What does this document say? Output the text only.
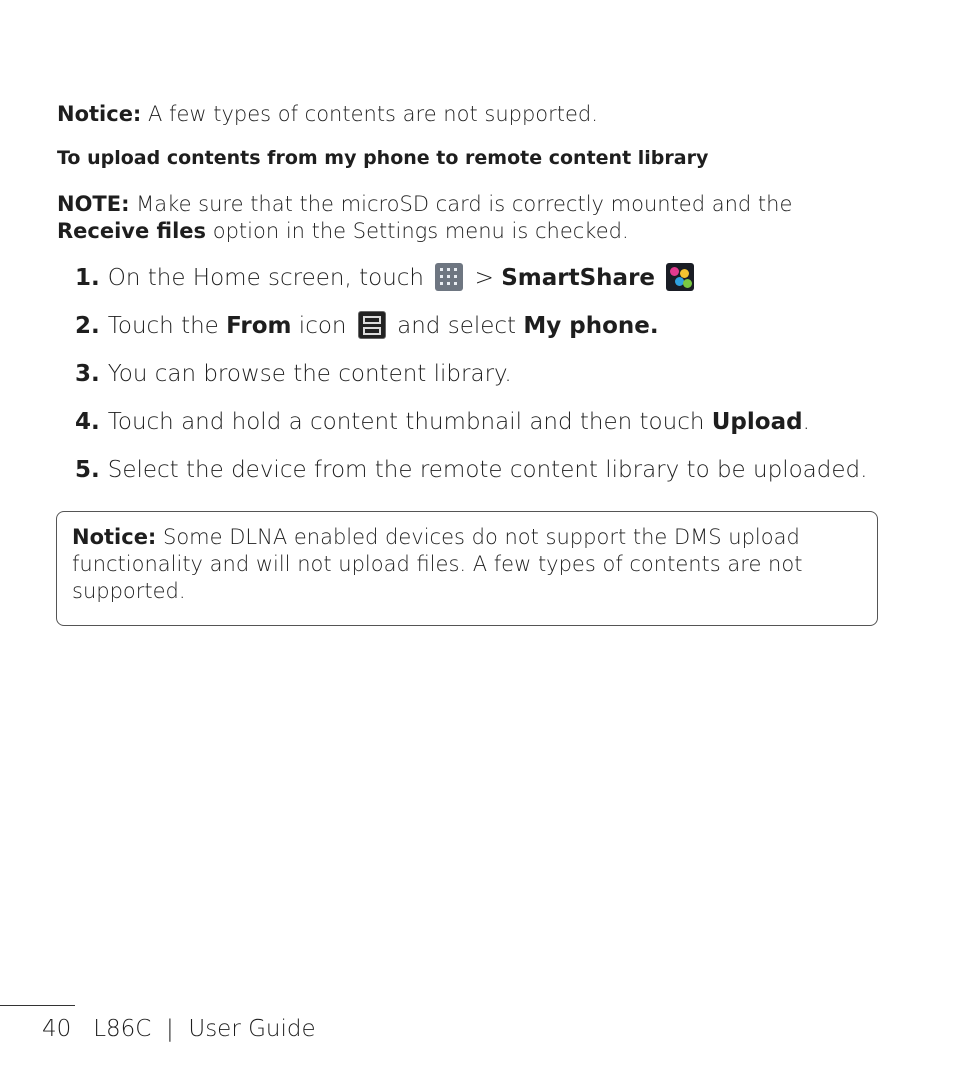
Notice: A few types of contents are not supported.

To upload contents from my phone to remote content library

NOTE: Make sure that the microSD card is correctly mounted and the Receive files option in the Settings menu is checked.

1. On the Home screen, touch
> SmartShare
2. Touch the From icon
and select My phone.
3. You can browse the content library.
4. Touch and hold a content thumbnail and then touch Upload.
5. Select the device from the remote content library to be uploaded.
Notice: Some DLNA enabled devices do not support the DMS upload functionality and will not upload files. A few types of contents are not supported.
40 L86C | User Guide
